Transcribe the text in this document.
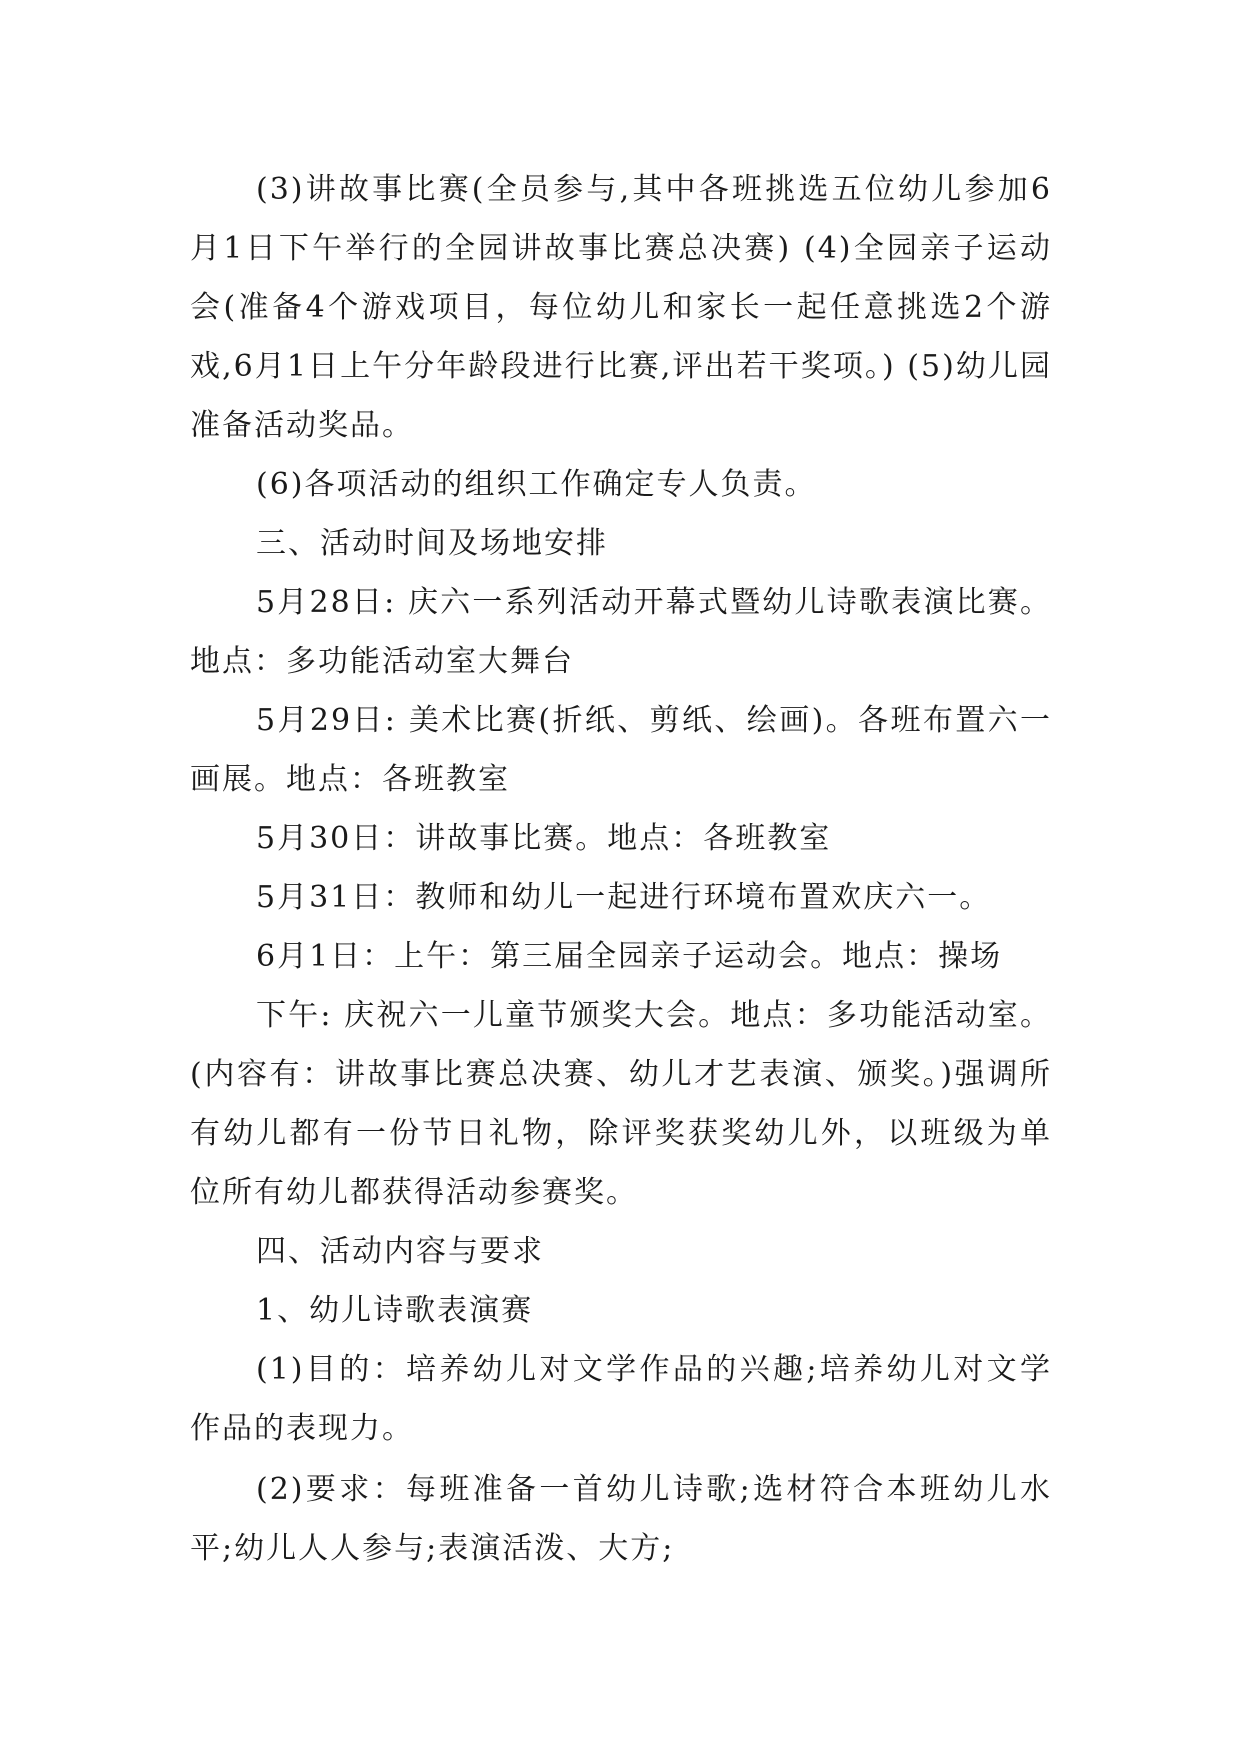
(3)讲故事比赛(全员参与,其中各班挑选五位幼儿参加6月1日下午举行的全园讲故事比赛总决赛) (4)全园亲子运动会(准备4个游戏项目，每位幼儿和家长一起任意挑选2个游戏,6月1日上午分年龄段进行比赛,评出若干奖项。) (5)幼儿园准备活动奖品。

(6)各项活动的组织工作确定专人负责。

三、活动时间及场地安排

5月28日: 庆六一系列活动开幕式暨幼儿诗歌表演比赛。地点：多功能活动室大舞台

5月29日: 美术比赛(折纸、剪纸、绘画)。各班布置六一画展。地点：各班教室

5月30日：讲故事比赛。地点：各班教室

5月31日：教师和幼儿一起进行环境布置欢庆六一。

6月1日：上午：第三届全园亲子运动会。地点：操场

下午: 庆祝六一儿童节颁奖大会。地点：多功能活动室。(内容有：讲故事比赛总决赛、幼儿才艺表演、颁奖。)强调所有幼儿都有一份节日礼物，除评奖获奖幼儿外，以班级为单位所有幼儿都获得活动参赛奖。

四、活动内容与要求

1、幼儿诗歌表演赛

(1)目的：培养幼儿对文学作品的兴趣;培养幼儿对文学作品的表现力。

(2)要求：每班准备一首幼儿诗歌;选材符合本班幼儿水平;幼儿人人参与;表演活泼、大方;
